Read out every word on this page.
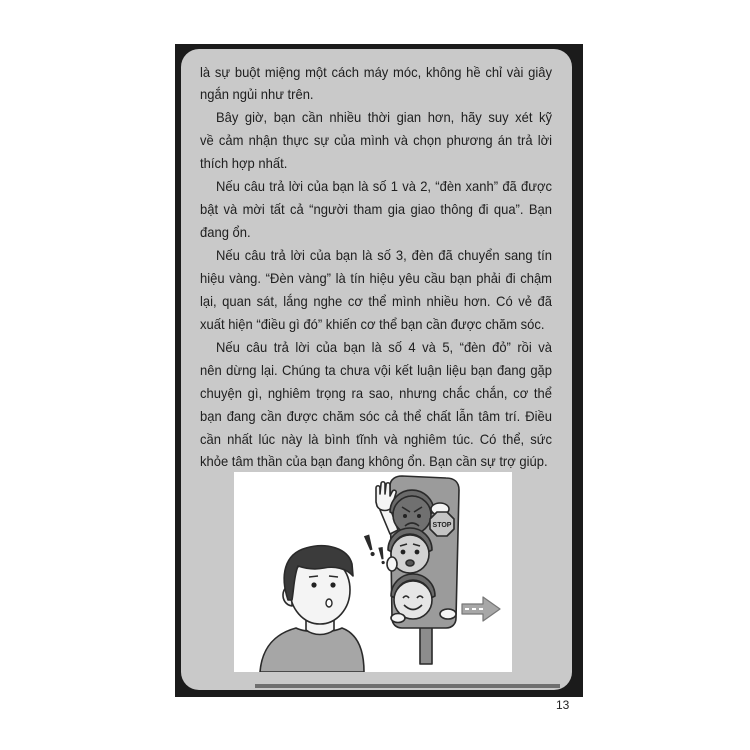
là sự buột miệng một cách máy móc, không hề chỉ vài giây
ngắn ngủi như trên.
Bây giờ, bạn cần nhiều thời gian hơn, hãy suy xét kỹ
về cảm nhận thực sự của mình và chọn phương án trả lời
thích hợp nhất.
Nếu câu trả lời của bạn là số 1 và 2, “đèn xanh” đã được
bật và mời tất cả “người tham gia giao thông đi qua”. Bạn
đang ổn.
Nếu câu trả lời của bạn là số 3, đèn đã chuyển sang tín
hiệu vàng. “Đèn vàng” là tín hiệu yêu cầu bạn phải đi chậm
lại, quan sát, lắng nghe cơ thể mình nhiều hơn. Có vẻ đã
xuất hiện “điều gì đó” khiến cơ thể bạn cần được chăm sóc.
Nếu câu trả lời của bạn là số 4 và 5, “đèn đỏ” rồi và
nên dừng lại. Chúng ta chưa vội kết luận liệu bạn đang gặp
chuyện gì, nghiêm trọng ra sao, nhưng chắc chắn, cơ thể
bạn đang cần được chăm sóc cả thể chất lẫn tâm trí. Điều
cần nhất lúc này là bình tĩnh và nghiêm túc. Có thể, sức
khỏe tâm thần của bạn đang không ổn. Bạn cần sự trợ giúp.
STOP
13
